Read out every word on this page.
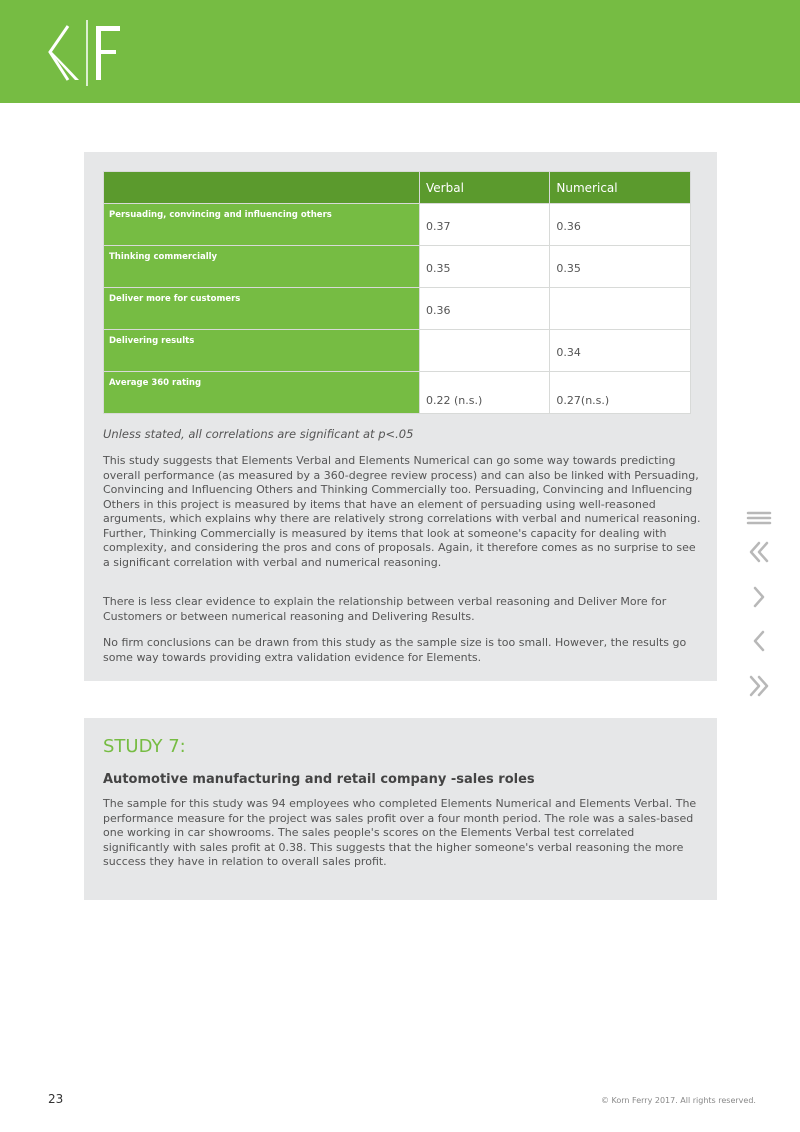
	Verbal	Numerical
Persuading, convincing and influencing others	0.37	0.36
Thinking commercially	0.35	0.35
Deliver more for customers	0.36	
Delivering results		0.34
Average 360 rating	0.22 (n.s.)	0.27(n.s.)
Unless stated, all correlations are significant at p<.05

This study suggests that Elements Verbal and Elements Numerical can go some way towards predicting overall performance (as measured by a 360-degree review process) and can also be linked with Persuading, Convincing and Influencing Others and Thinking Commercially too. Persuading, Convincing and Influencing Others in this project is measured by items that have an element of persuading using well-reasoned arguments, which explains why there are relatively strong correlations with verbal and numerical reasoning. Further, Thinking Commercially is measured by items that look at someone's capacity for dealing with complexity, and considering the pros and cons of proposals. Again, it therefore comes as no surprise to see a significant correlation with verbal and numerical reasoning.

There is less clear evidence to explain the relationship between verbal reasoning and Deliver More for Customers or between numerical reasoning and Delivering Results.

No firm conclusions can be drawn from this study as the sample size is too small. However, the results go some way towards providing extra validation evidence for Elements.

STUDY 7:
Automotive manufacturing and retail company -sales roles

The sample for this study was 94 employees who completed Elements Numerical and Elements Verbal. The performance measure for the project was sales profit over a four month period. The role was a sales-based one working in car showrooms. The sales people's scores on the Elements Verbal test correlated significantly with sales profit at 0.38. This suggests that the higher someone's verbal reasoning the more success they have in relation to overall sales profit.

23	© Korn Ferry 2017. All rights reserved.
